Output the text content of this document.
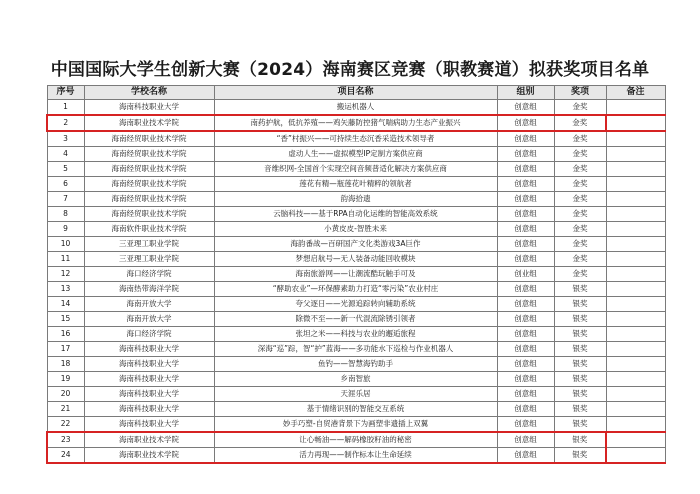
中国国际大学生创新大赛（2024）海南赛区竞赛（职教赛道）拟获奖项目名单
序号	学校名称	项目名称	组别	奖项	备注
1	海南科技职业大学	搬运机器人	创意组	金奖	
2	海南职业技术学院	南药护航，低抗养殖——鸡矢藤防控猪气喘病助力生态产业振兴	创意组	金奖	
3	海南经贸职业技术学院	“香”村振兴——可持续生态沉香采造技术领导者	创意组	金奖	
4	海南经贸职业技术学院	虚动人生——虚拟模型IP定制方案供应商	创意组	金奖	
5	海南经贸职业技术学院	音维织网-全国首个实现空间音频普适化解决方案供应商	创意组	金奖	
6	海南经贸职业技术学院	莲花有精—瓶莲花叶精粹的领航者	创意组	金奖	
7	海南经贸职业技术学院	韵海拾遗	创意组	金奖	
8	海南经贸职业技术学院	云脑科技——基于RPA自动化运维的智能高效系统	创意组	金奖	
9	海南软件职业技术学院	小黄皮皮-智胜未来	创意组	金奖	
10	三亚理工职业学院	海韵番战—百研国产文化类游戏3A巨作	创意组	金奖	
11	三亚理工职业学院	梦想启航号—无人装备动能回收模块	创意组	金奖	
12	海口经济学院	海南旅游网——让潮流酷玩触手可及	创业组	金奖	
13	海南热带海洋学院	“酵助农业”—环保酵素助力打造“零污染”农业村庄	创意组	银奖	
14	海南开放大学	夸父逐日——光源追踪转向辅助系统	创意组	银奖	
15	海南开放大学	除微不至——新一代混流除锈引领者	创意组	银奖	
16	海口经济学院	张坦之米——科技与农业的邂逅旅程	创意组	银奖	
17	海南科技职业大学	深海“巡”踪，智“护”蓝海——多功能水下巡检与作业机器人	创意组	银奖	
18	海南科技职业大学	鱼钓——智慧海钓助手	创意组	银奖	
19	海南科技职业大学	乡南智旅	创意组	银奖	
20	海南科技职业大学	天涯乐居	创意组	银奖	
21	海南科技职业大学	基于情绪识别的智能交互系统	创意组	银奖	
22	海南科技职业大学	妙手巧塑-自贸港背景下为画塑非遗插上双翼	创意组	银奖	
23	海南职业技术学院	让心畅油——解码橡胶籽油的秘密	创意组	银奖	
24	海南职业技术学院	活力再现——制作标本让生命延续	创意组	银奖	
